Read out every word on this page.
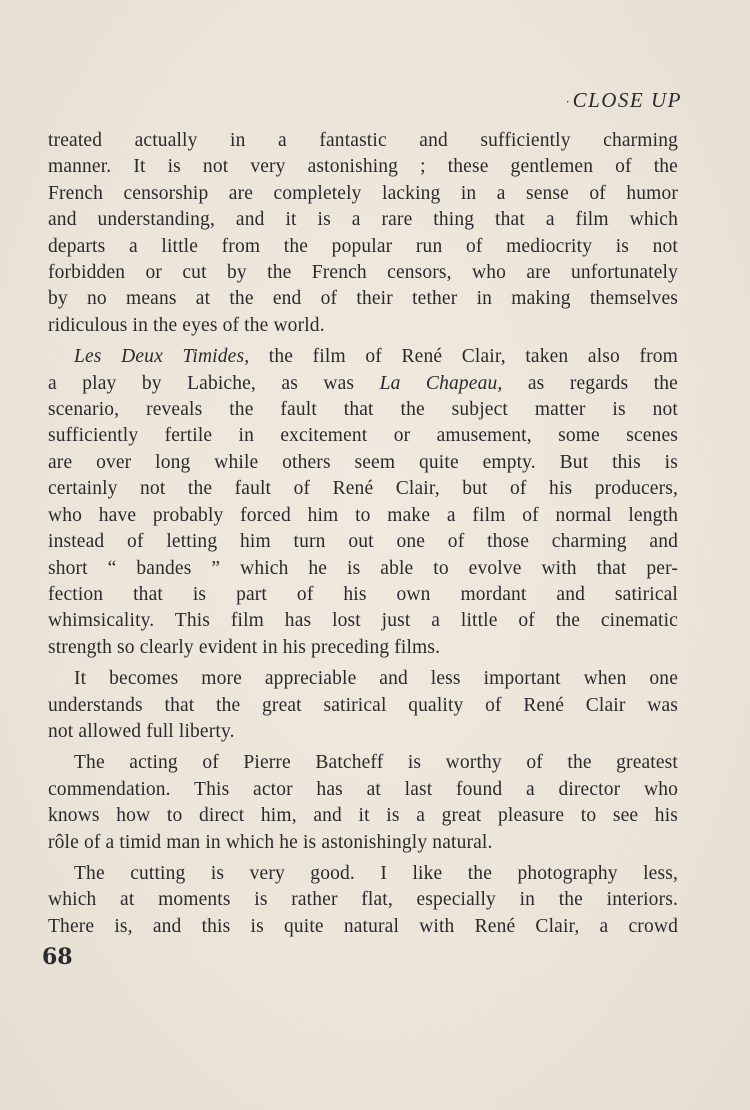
·CLOSE UP

treated actually in a fantastic and sufficiently charming
manner. It is not very astonishing ; these gentlemen of the
French censorship are completely lacking in a sense of humor
and understanding, and it is a rare thing that a film which
departs a little from the popular run of mediocrity is not
forbidden or cut by the French censors, who are unfortunately
by no means at the end of their tether in making themselves
ridiculous in the eyes of the world.

Les Deux Timides, the film of René Clair, taken also from
a play by Labiche, as was La Chapeau, as regards the
scenario, reveals the fault that the subject matter is not
sufficiently fertile in excitement or amusement, some scenes
are over long while others seem quite empty. But this is
certainly not the fault of René Clair, but of his producers,
who have probably forced him to make a film of normal length
instead of letting him turn out one of those charming and
short “ bandes ” which he is able to evolve with that per-
fection that is part of his own mordant and satirical
whimsicality. This film has lost just a little of the cinematic
strength so clearly evident in his preceding films.

It becomes more appreciable and less important when one
understands that the great satirical quality of René Clair was
not allowed full liberty.

The acting of Pierre Batcheff is worthy of the greatest
commendation. This actor has at last found a director who
knows how to direct him, and it is a great pleasure to see his
rôle of a timid man in which he is astonishingly natural.

The cutting is very good. I like the photography less,
which at moments is rather flat, especially in the interiors.
There is, and this is quite natural with René Clair, a crowd

68
